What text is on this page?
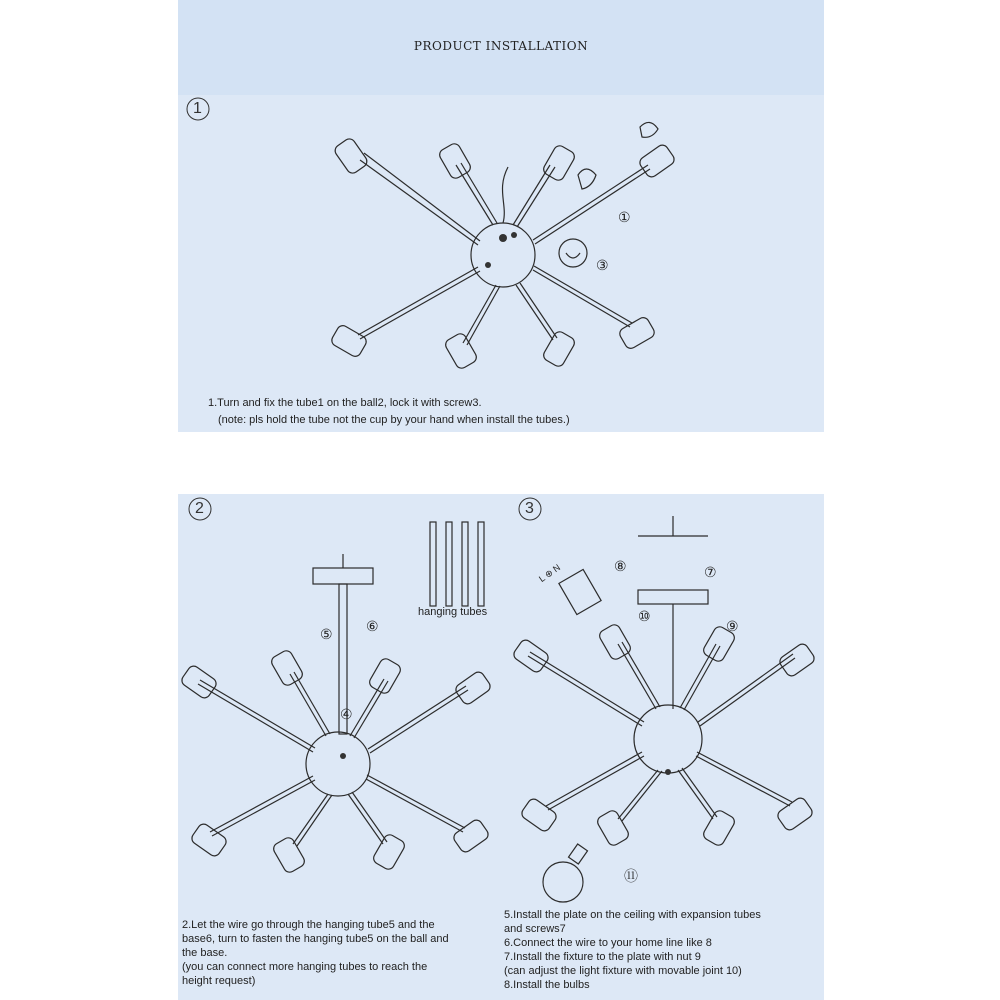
PRODUCT INSTALLATION
1
①
③
1.Turn and fix the tube1 on the ball2, lock it with screw3.
(note: pls hold the tube not the cup by your hand when install the tubes.)
2	3
hanging tubes
⑤ ⑥
④
⑧	⑦
⑩
⑨
⑪
L ⊕ N
2.Let the wire go through the hanging tube5 and the
base6, turn to fasten the hanging tube5 on the ball and
the base.
(you can connect more hanging tubes to reach the
height request)
5.Install the plate on the ceiling with expansion tubes
and screws7
6.Connect the wire to your home line like 8
7.Install the fixture to the plate with nut 9
(can adjust the light fixture with movable joint 10)
8.Install the bulbs
